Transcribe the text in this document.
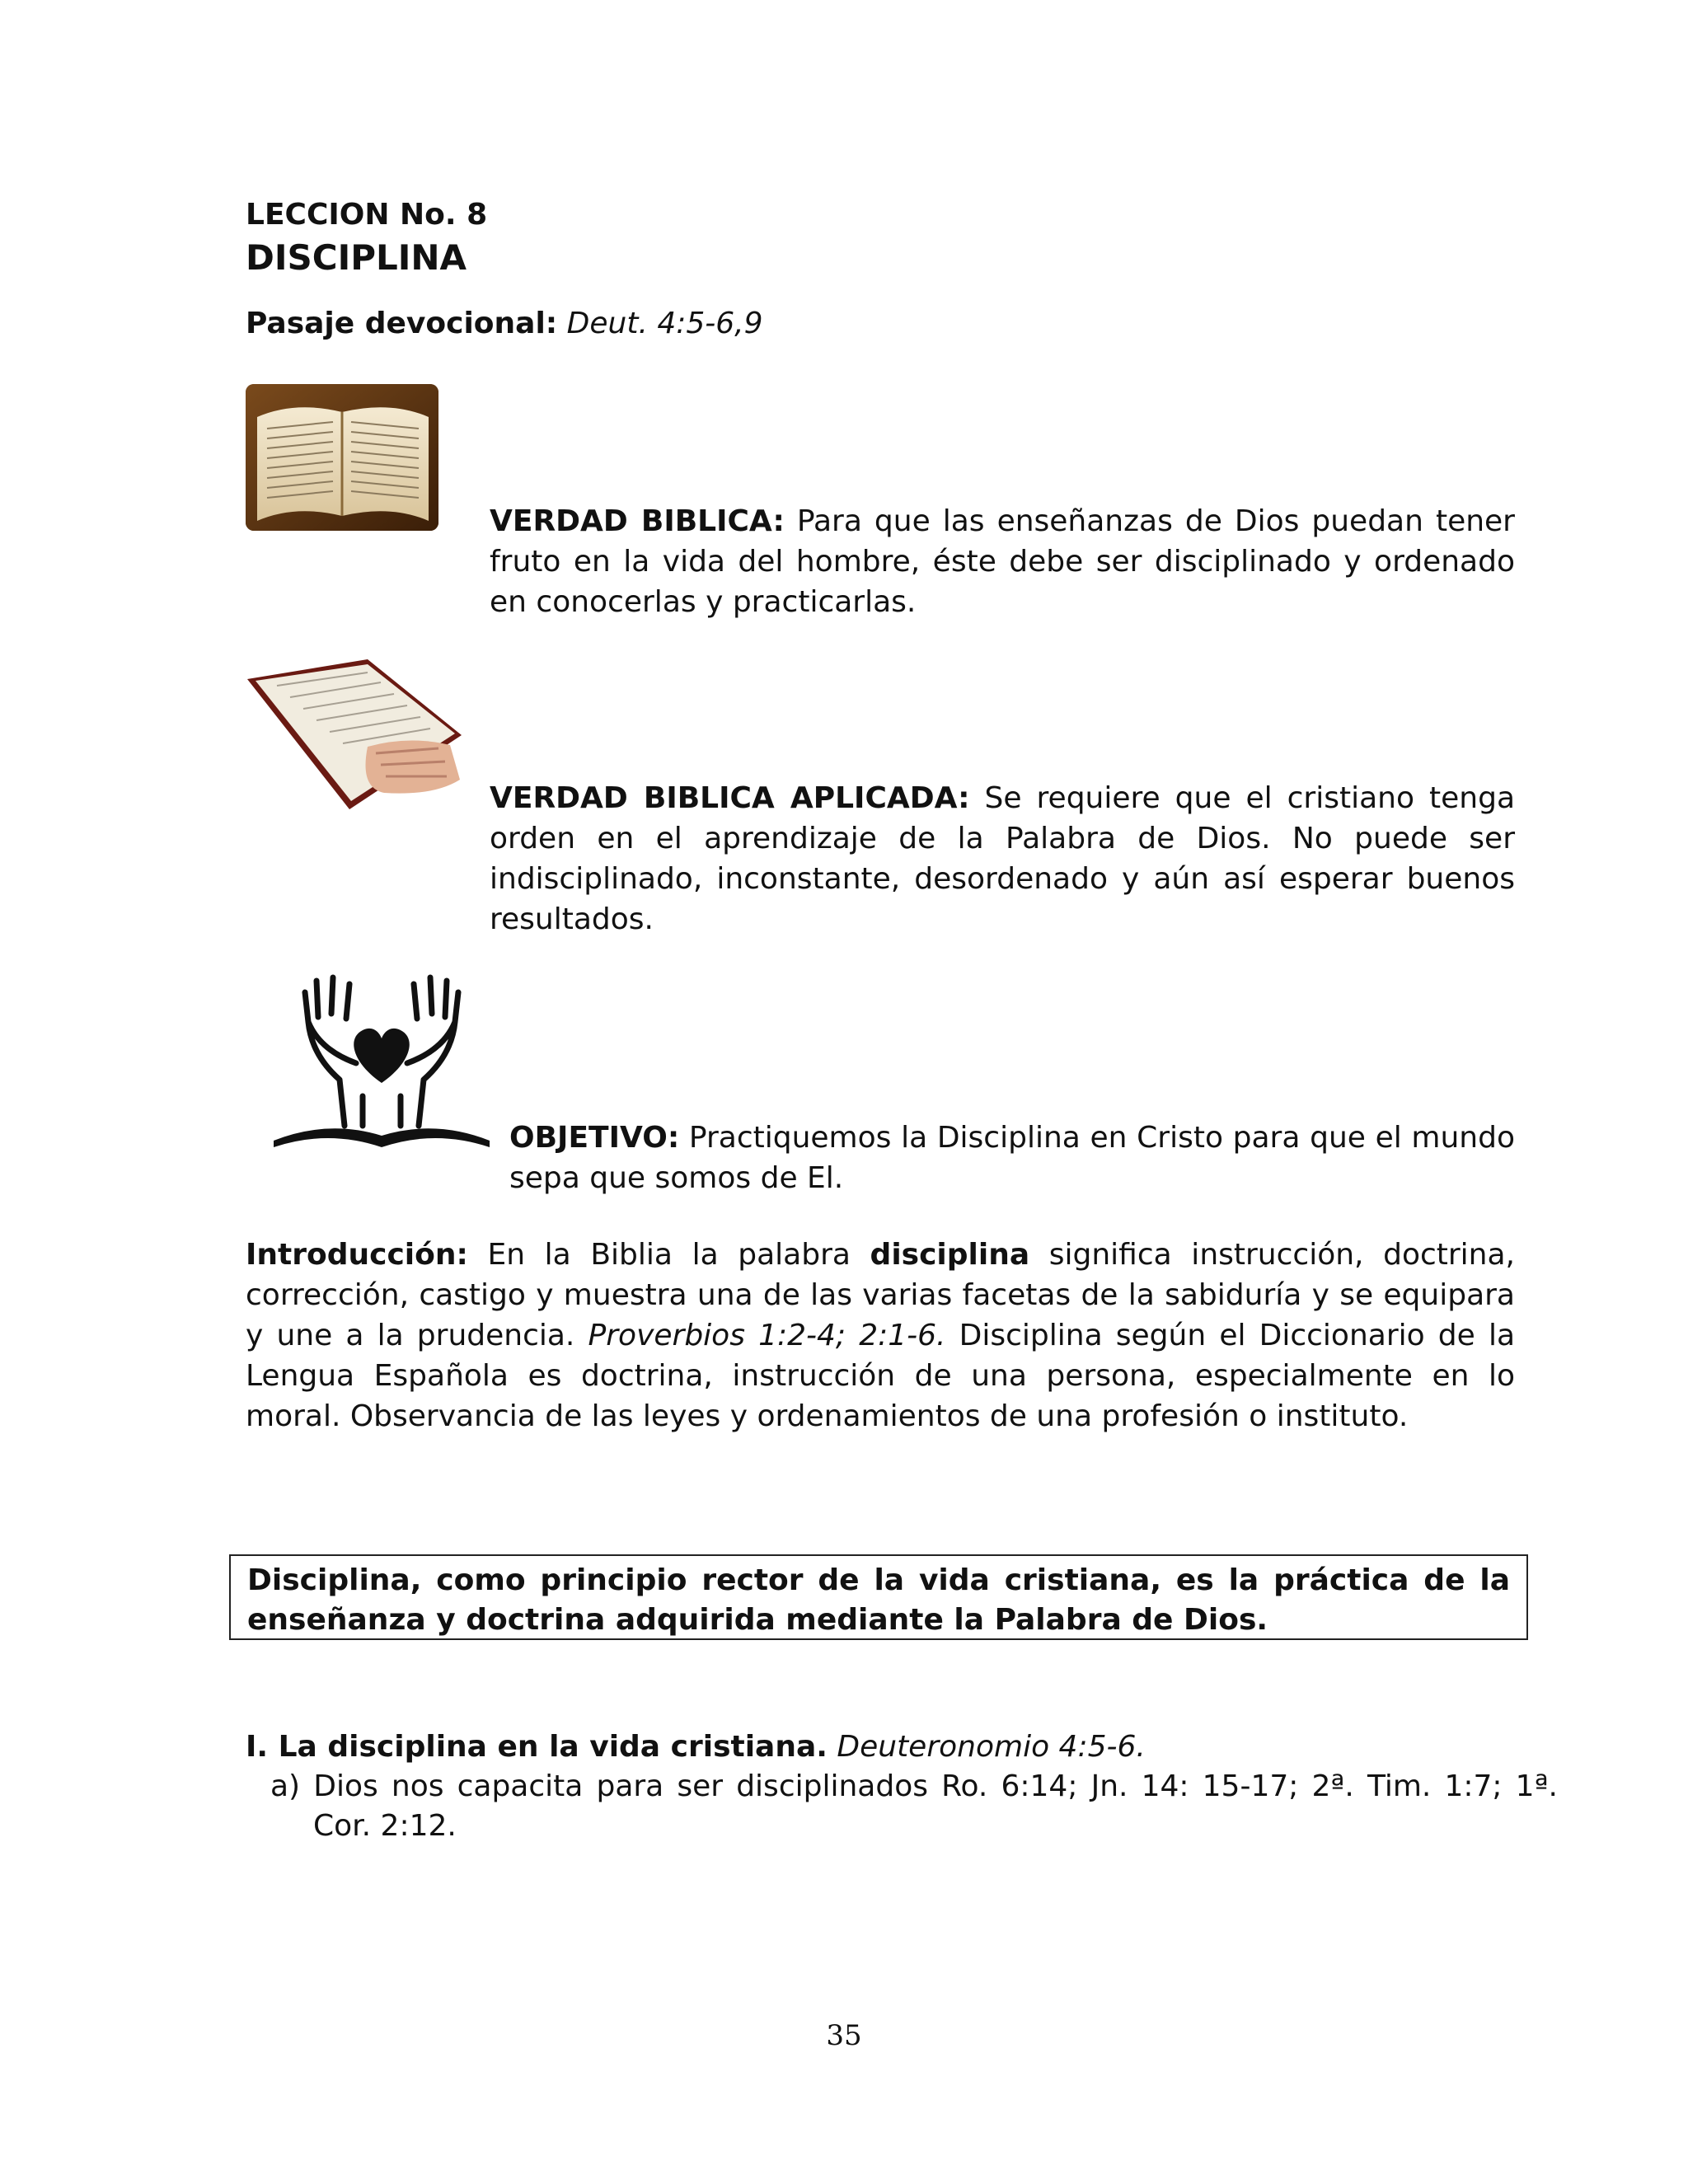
LECCION No. 8
DISCIPLINA
Pasaje devocional: Deut. 4:5-6,9
VERDAD BIBLICA: Para que las enseñanzas de Dios puedan tener fruto en la vida del hombre, éste debe ser disciplinado y ordenado en conocerlas y practicarlas.
VERDAD BIBLICA APLICADA: Se requiere que el cristiano tenga orden en el aprendizaje de la Palabra de Dios. No puede ser indisciplinado, inconstante, desordenado y aún así esperar buenos resultados.
OBJETIVO: Practiquemos la Disciplina en Cristo para que el mundo sepa que somos de El.
Introducción: En la Biblia la palabra disciplina significa instrucción, doctrina, corrección, castigo y muestra una de las varias facetas de la sabiduría y se equipara y une a la prudencia. Proverbios 1:2-4; 2:1-6. Disciplina según el Diccionario de la Lengua Española es doctrina, instrucción de una persona, especialmente en lo moral. Observancia de las leyes y ordenamientos de una profesión o instituto.
Disciplina, como principio rector de la vida cristiana, es la práctica de la enseñanza y doctrina adquirida mediante la Palabra de Dios.
I. La disciplina en la vida cristiana. Deuteronomio 4:5-6.
a) Dios nos capacita para ser disciplinados Ro. 6:14; Jn. 14: 15-17; 2ª. Tim. 1:7; 1ª. Cor. 2:12.
35
